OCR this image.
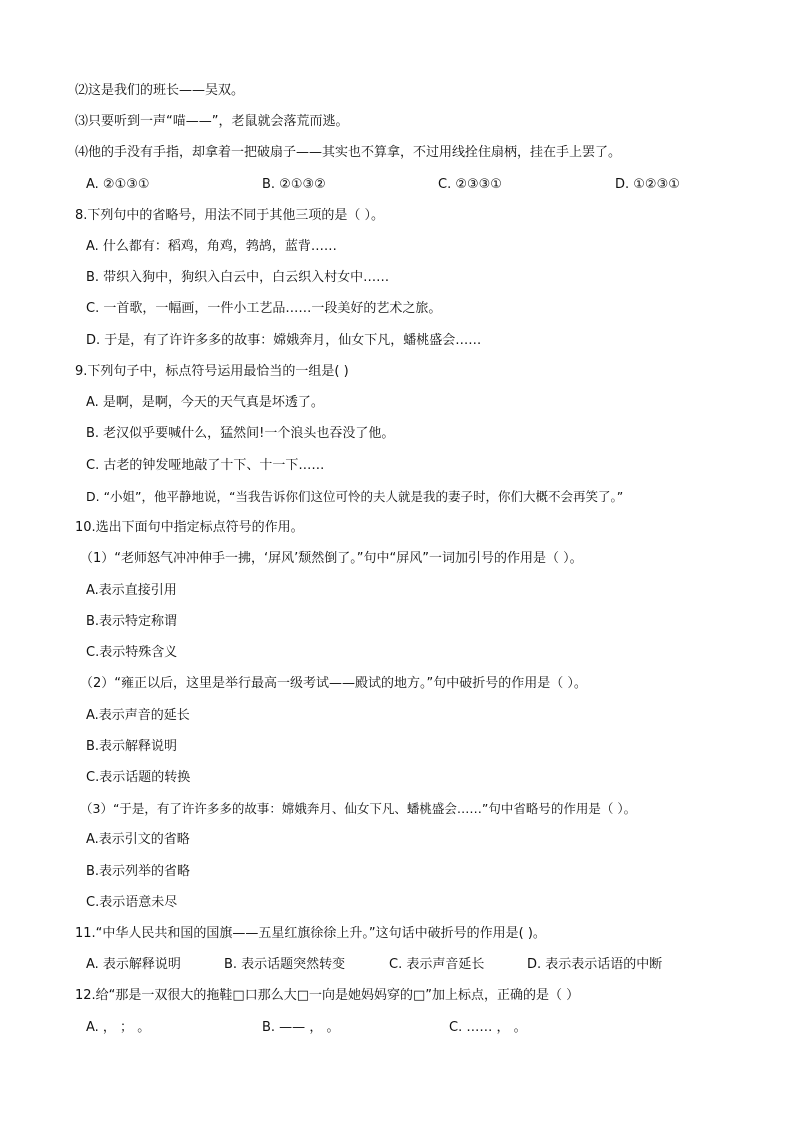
⑵这是我们的班长——吴双。
⑶只要听到一声“喵——”，老鼠就会落荒而逃。
⑷他的手没有手指，却拿着一把破扇子——其实也不算拿，不过用线拴住扇柄，挂在手上罢了。
A. ②①③①	B. ②①③②	C. ②③③①	D. ①②③①
8.下列句中的省略号，用法不同于其他三项的是（ ）。
A. 什么都有：稻鸡，角鸡，鹁鸪，蓝背……
B. 带织入狗中，狗织入白云中，白云织入村女中……
C. 一首歌，一幅画，一件小工艺品……一段美好的艺术之旅。
D. 于是，有了许许多多的故事：嫦娥奔月，仙女下凡，蟠桃盛会……
9.下列句子中，标点符号运用最恰当的一组是( )
A. 是啊，是啊，今天的天气真是坏透了。
B. 老汉似乎要喊什么，猛然间!一个浪头也吞没了他。
C. 古老的钟发哑地敲了十下、十一下……
D. “小姐”，他平静地说，“当我告诉你们这位可怜的夫人就是我的妻子时，你们大概不会再笑了。”
10.选出下面句中指定标点符号的作用。
（1）“老师怒气冲冲伸手一拂，‘屏风’颓然倒了。”句中“屏风”一词加引号的作用是（ ）。
A.表示直接引用
B.表示特定称谓
C.表示特殊含义
（2）“雍正以后，这里是举行最高一级考试——殿试的地方。”句中破折号的作用是（ ）。
A.表示声音的延长
B.表示解释说明
C.表示话题的转换
（3）“于是，有了许许多多的故事：嫦娥奔月、仙女下凡、蟠桃盛会……”句中省略号的作用是（ ）。
A.表示引文的省略
B.表示列举的省略
C.表示语意未尽
11.“中华人民共和国的国旗——五星红旗徐徐上升。”这句话中破折号的作用是( )。
A. 表示解释说明	B. 表示话题突然转变	C. 表示声音延长	D. 表示表示话语的中断
12.给“那是一双很大的拖鞋□口那么大□一向是她妈妈穿的□”加上标点，正确的是（ ）
A. ， ； 。	B. —— ， 。	C. …… ， 。
